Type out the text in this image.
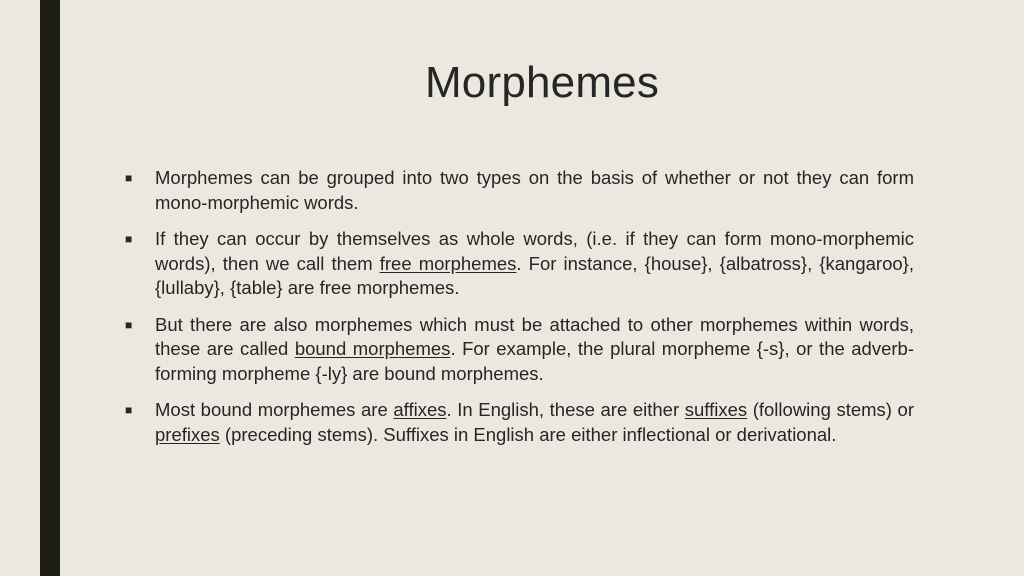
Morphemes
■ Morphemes can be grouped into two types on the basis of whether or not they can form mono-morphemic words.
■ If they can occur by themselves as whole words, (i.e. if they can form mono-morphemic words), then we call them free morphemes. For instance, {house}, {albatross}, {kangaroo}, {lullaby}, {table} are free morphemes.
■ But there are also morphemes which must be attached to other morphemes within words, these are called bound morphemes. For example, the plural morpheme {-s}, or the adverb-forming morpheme {-ly} are bound morphemes.
■ Most bound morphemes are affixes. In English, these are either suffixes (following stems) or prefixes (preceding stems). Suffixes in English are either inflectional or derivational.
